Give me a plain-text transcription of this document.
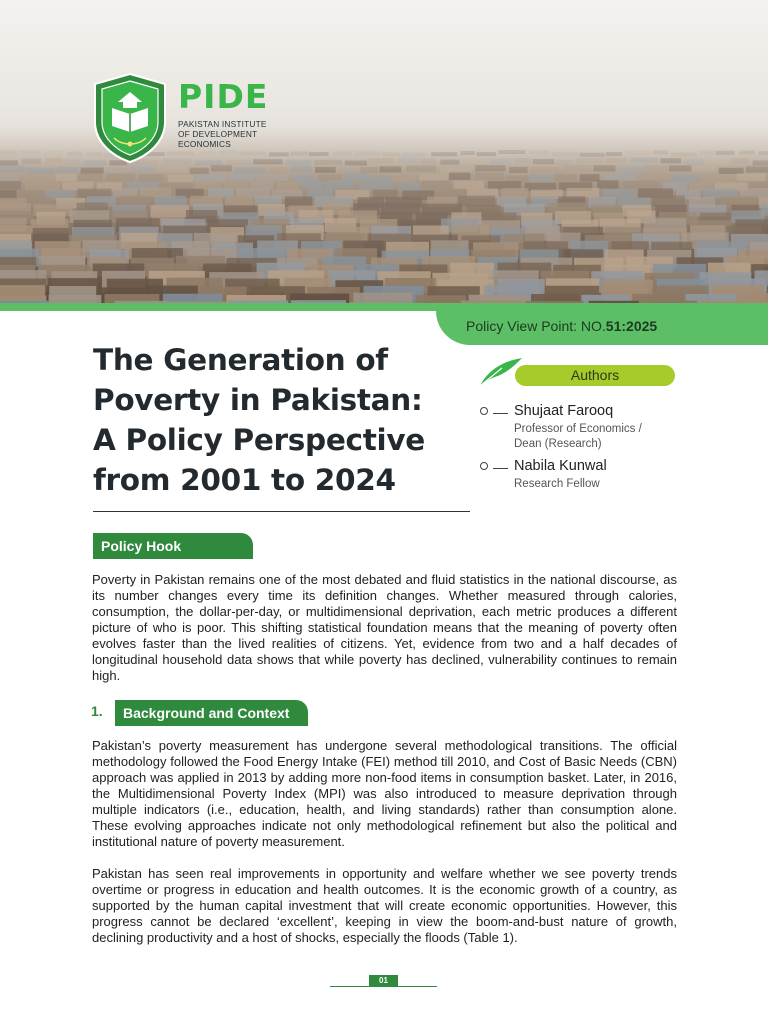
PIDE
PAKISTAN INSTITUTE
OF DEVELOPMENT
ECONOMICS
Policy View Point: NO.51:2025
The Generation of
Poverty in Pakistan:
A Policy Perspective
from 2001 to 2024
Authors
Shujaat Farooq
Professor of Economics /
Dean (Research)
Nabila Kunwal
Research Fellow
Policy Hook

Poverty in Pakistan remains one of the most debated and fluid statistics in the national discourse, as its number changes every time its definition changes. Whether measured through calories, consumption, the dollar-per-day, or multidimensional deprivation, each metric produces a different picture of who is poor. This shifting statistical foundation means that the meaning of poverty often evolves faster than the lived realities of citizens. Yet, evidence from two and a half decades of longitudinal household data shows that while poverty has declined, vulnerability continues to remain high.

1.	Background and Context

Pakistan’s poverty measurement has undergone several methodological transitions. The official methodology followed the Food Energy Intake (FEI) method till 2010, and Cost of Basic Needs (CBN) approach was applied in 2013 by adding more non-food items in consumption basket. Later, in 2016, the Multidimensional Poverty Index (MPI) was also introduced to measure deprivation through multiple indicators (i.e., education, health, and living standards) rather than consumption alone. These evolving approaches indicate not only methodological refinement but also the political and institutional nature of poverty measurement.

Pakistan has seen real improvements in opportunity and welfare whether we see poverty trends overtime or progress in education and health outcomes. It is the economic growth of a country, as supported by the human capital investment that will create economic opportunities. However, this progress cannot be declared ‘excellent’, keeping in view the boom-and-bust nature of growth, declining productivity and a host of shocks, especially the floods (Table 1).

01
